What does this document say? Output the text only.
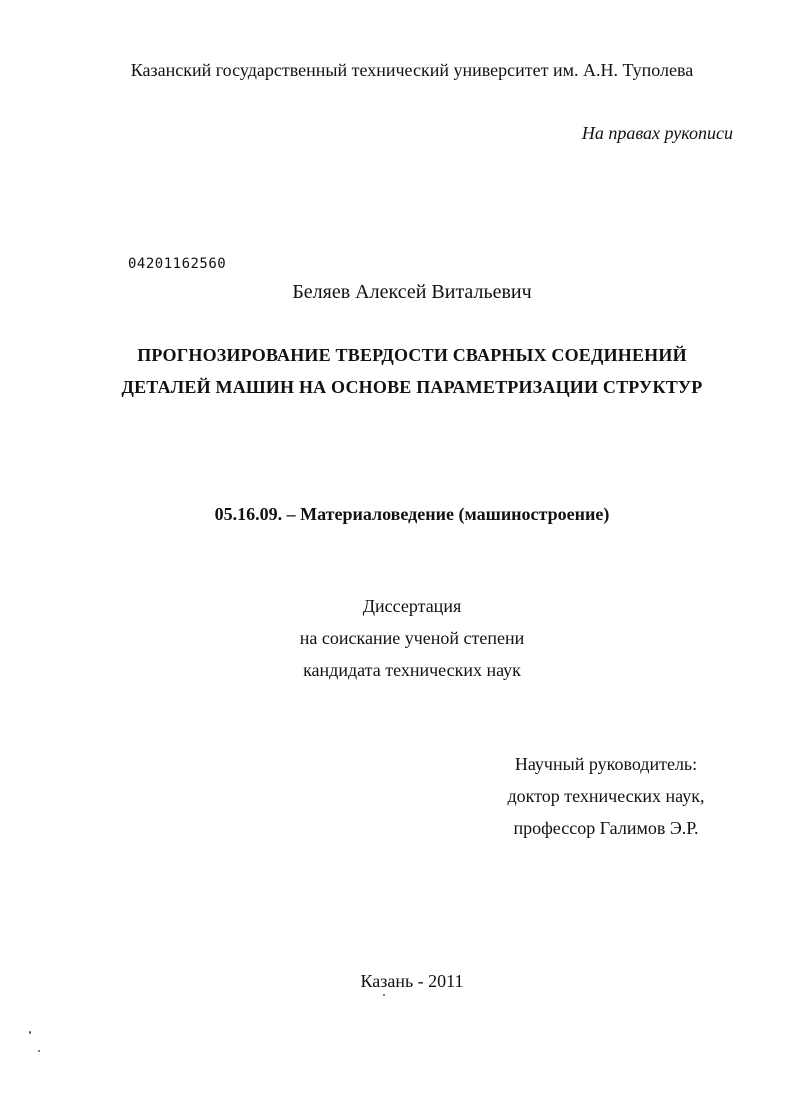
Казанский государственный технический университет им. А.Н. Туполева
На правах рукописи
04201162560
Беляев Алексей Витальевич
ПРОГНОЗИРОВАНИЕ ТВЕРДОСТИ СВАРНЫХ СОЕДИНЕНИЙ
ДЕТАЛЕЙ МАШИН НА ОСНОВЕ ПАРАМЕТРИЗАЦИИ СТРУКТУР
05.16.09. – Материаловедение (машиностроение)
Диссертация
на соискание ученой степени
кандидата технических наук
Научный руководитель:
доктор технических наук,
профессор Галимов Э.Р.
Казань - 2011
